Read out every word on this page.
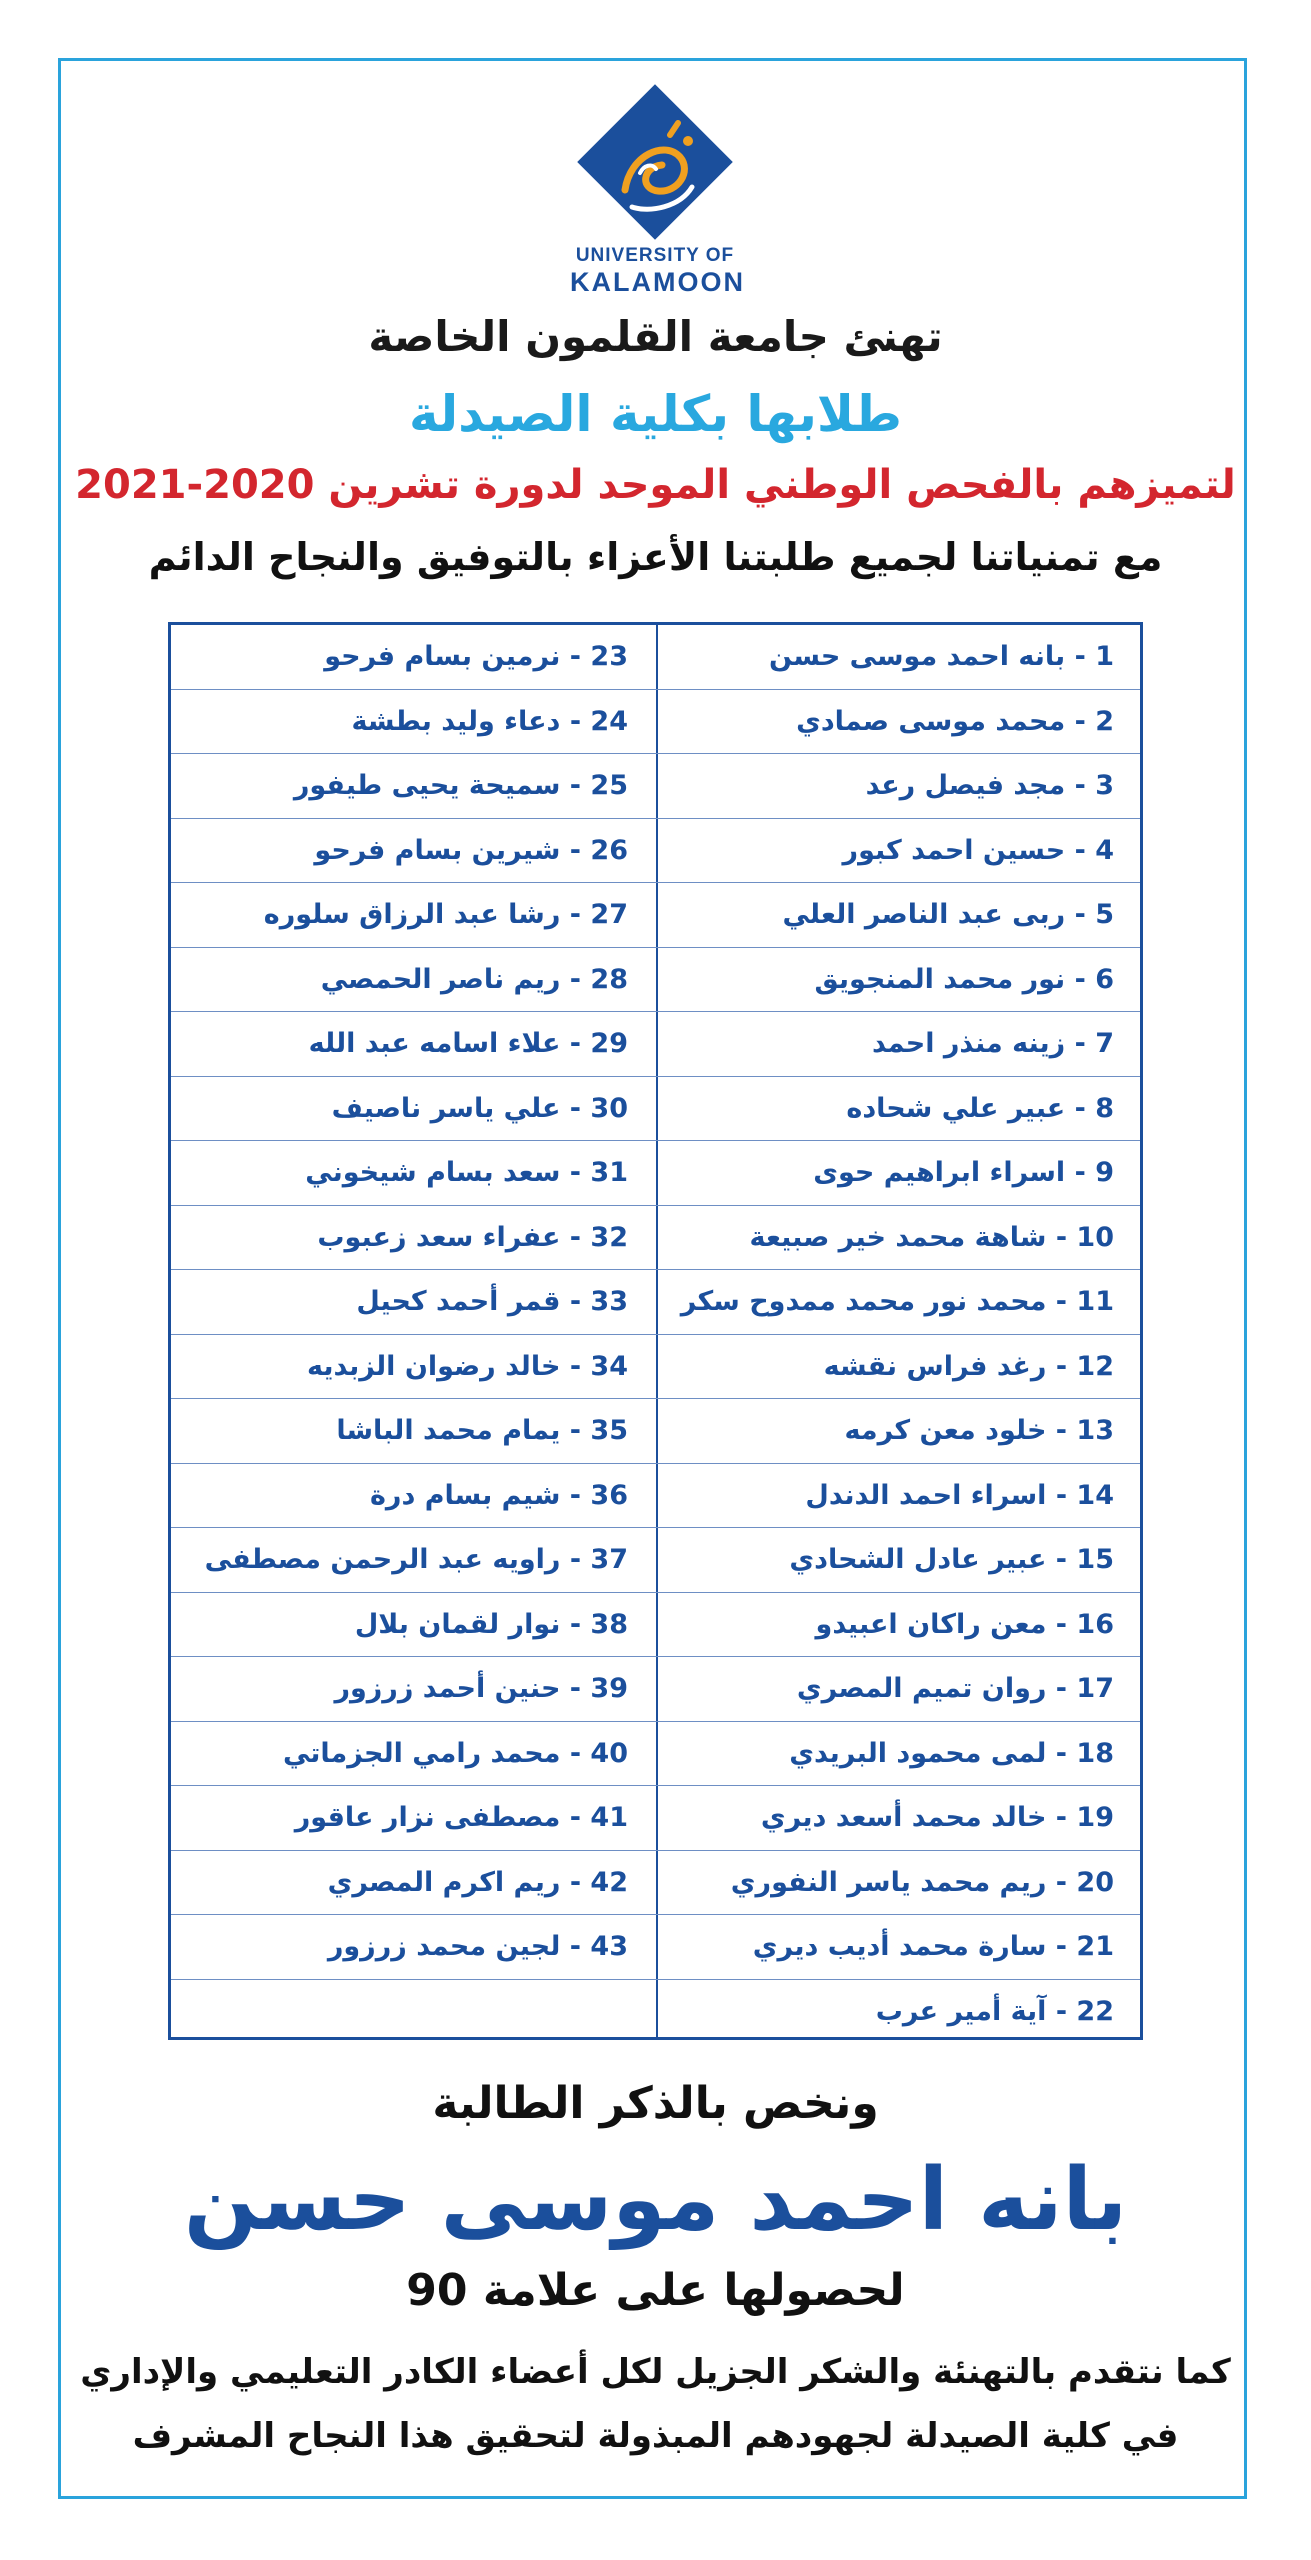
UNIVERSITY OF
KALAMOON
تهنئ جامعة القلمون الخاصة
طلابها بكلية الصيدلة
لتميزهم بالفحص الوطني الموحد لدورة تشرين 2020-2021
مع تمنياتنا لجميع طلبتنا الأعزاء بالتوفيق والنجاح الدائم
1 - بانه احمد موسى حسن
23 - نرمين بسام فرحو
2 - محمد موسى صمادي
24 - دعاء وليد بطشة
3 - مجد فيصل رعد
25 - سميحة يحيى طيفور
4 - حسين احمد كبور
26 - شيرين بسام فرحو
5 - ربى عبد الناصر العلي
27 - رشا عبد الرزاق سلوره
6 - نور محمد المنجويق
28 - ريم ناصر الحمصي
7 - زينه منذر احمد
29 - علاء اسامه عبد الله
8 - عبير علي شحاده
30 - علي ياسر ناصيف
9 - اسراء ابراهيم حوى
31 - سعد بسام شيخوني
10 - شاهة محمد خير صبيعة
32 - عفراء سعد زعبوب
11 - محمد نور محمد ممدوح سكر
33 - قمر أحمد كحيل
12 - رغد فراس نقشه
34 - خالد رضوان الزبديه
13 - خلود معن كرمه
35 - يمام محمد الباشا
14 - اسراء احمد الدندل
36 - شيم بسام درة
15 - عبير عادل الشحادي
37 - راويه عبد الرحمن مصطفى
16 - معن راكان اعبيدو
38 - نوار لقمان بلال
17 - روان تميم المصري
39 - حنين أحمد زرزور
18 - لمى محمود البريدي
40 - محمد رامي الجزماتي
19 - خالد محمد أسعد ديري
41 - مصطفى نزار عاقور
20 - ريم محمد ياسر النفوري
42 - ريم اكرم المصري
21 - سارة محمد أديب ديري
43 - لجين محمد زرزور
22 - آية أمير عرب
ونخص بالذكر الطالبة
بانه احمد موسى حسن
لحصولها على علامة 90
كما نتقدم بالتهنئة والشكر الجزيل لكل أعضاء الكادر التعليمي والإداري
في كلية الصيدلة لجهودهم المبذولة لتحقيق هذا النجاح المشرف
